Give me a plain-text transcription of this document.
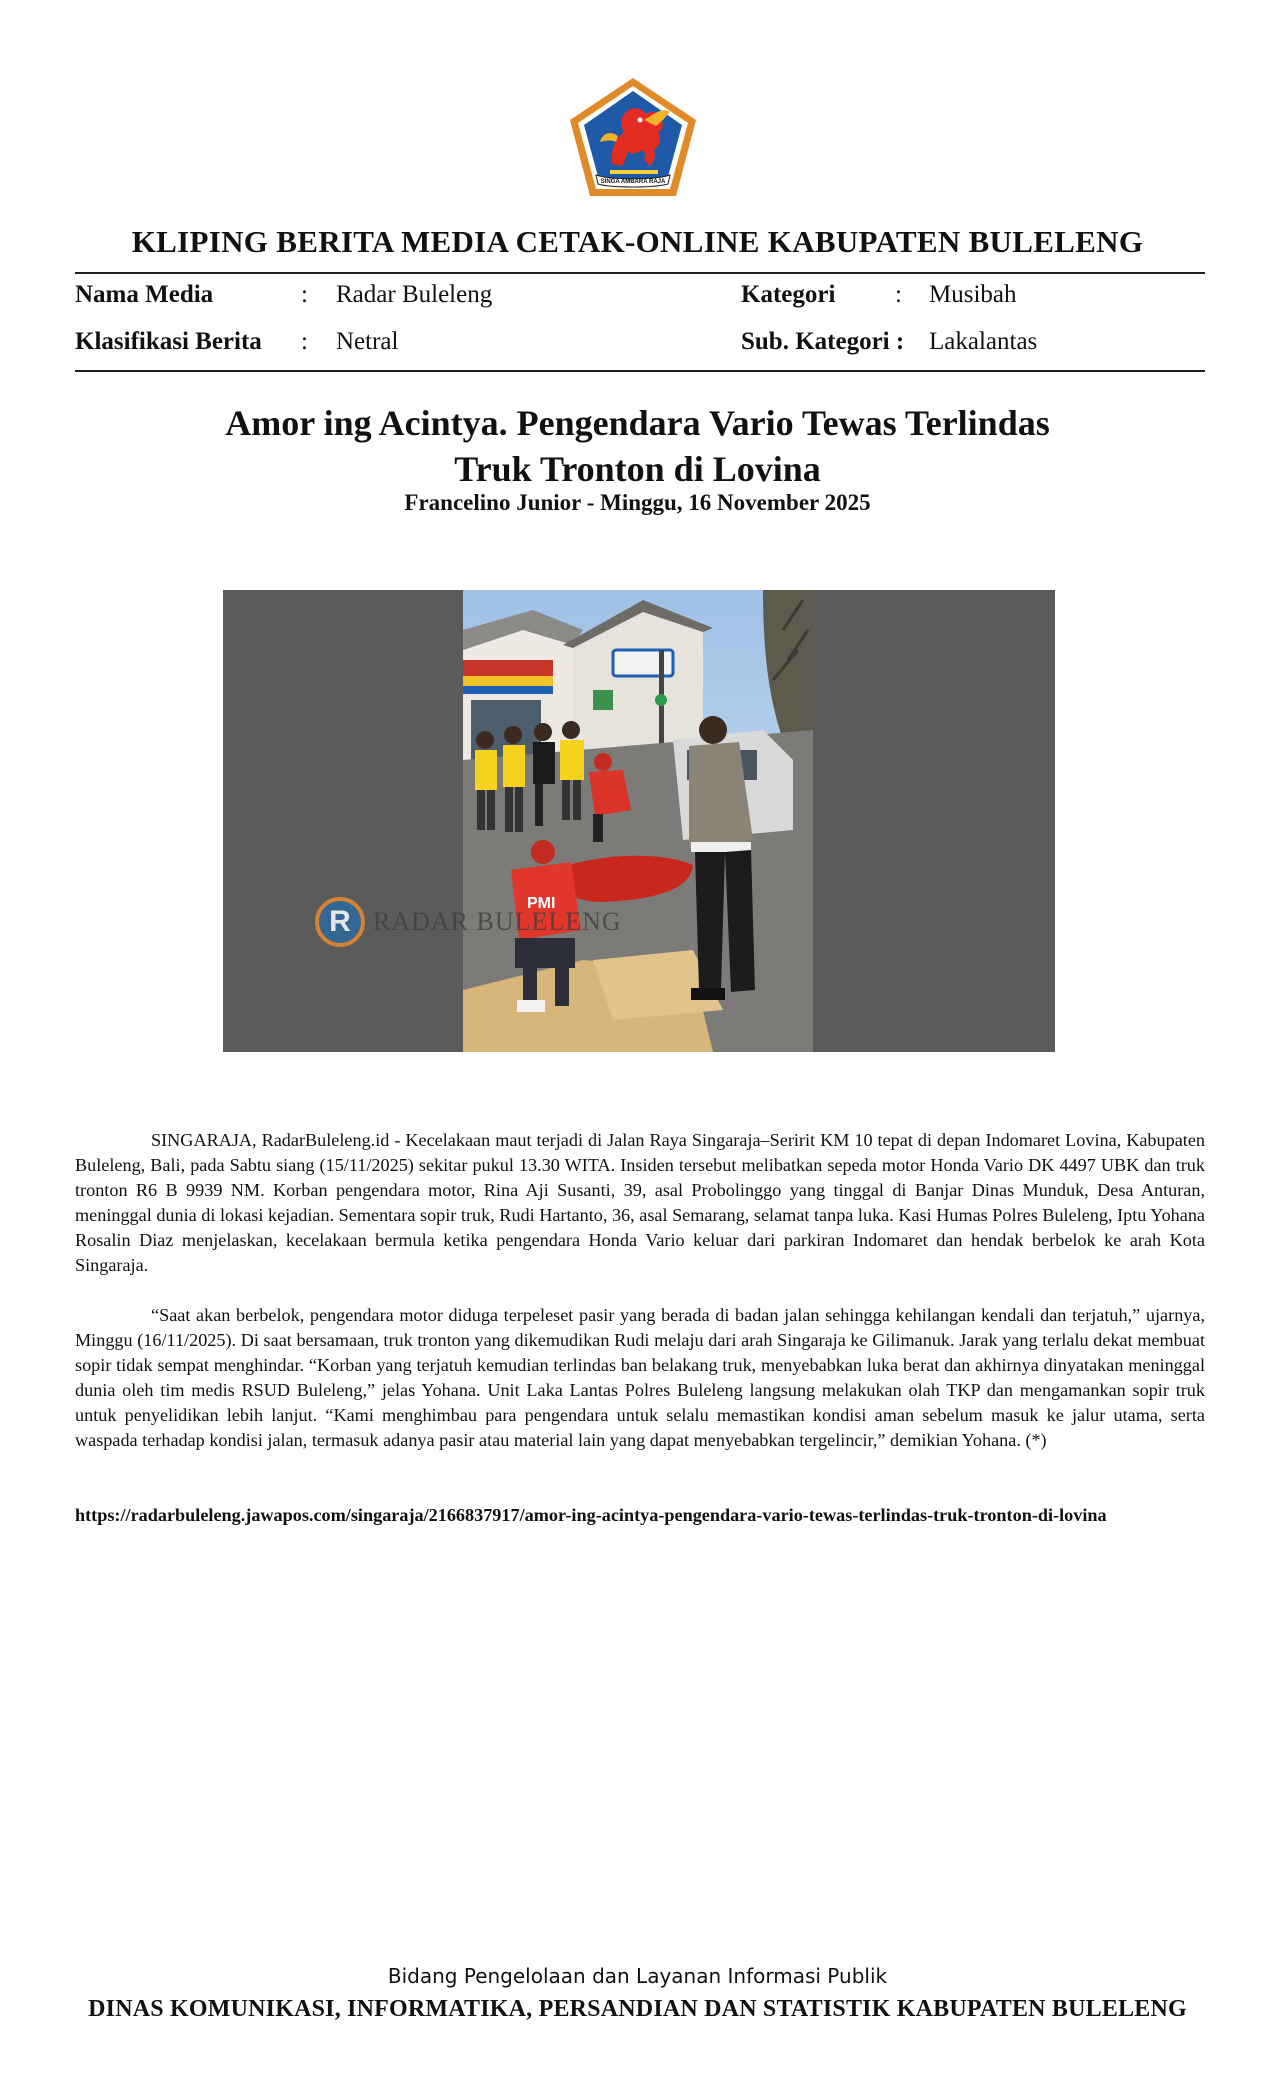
SINGA AMBARA RAJA
KLIPING BERITA MEDIA CETAK-ONLINE KABUPATEN BULELENG
Nama Media	: Radar Buleleng
Klasifikasi Berita : Netral
Kategori : Musibah
Sub. Kategori : Lakalantas
Amor ing Acintya. Pengendara Vario Tewas Terlindas
Truk Tronton di Lovina
Francelino Junior - Minggu, 16 November 2025
PMI
R RADAR BULELENG

SINGARAJA, RadarBuleleng.id - Kecelakaan maut terjadi di Jalan Raya Singaraja–Seririt KM 10 tepat di depan Indomaret Lovina, Kabupaten Buleleng, Bali, pada Sabtu siang (15/11/2025) sekitar pukul 13.30 WITA. Insiden tersebut melibatkan sepeda motor Honda Vario DK 4497 UBK dan truk tronton R6 B 9939 NM. Korban pengendara motor, Rina Aji Susanti, 39, asal Probolinggo yang tinggal di Banjar Dinas Munduk, Desa Anturan, meninggal dunia di lokasi kejadian. Sementara sopir truk, Rudi Hartanto, 36, asal Semarang, selamat tanpa luka. Kasi Humas Polres Buleleng, Iptu Yohana Rosalin Diaz menjelaskan, kecelakaan bermula ketika pengendara Honda Vario keluar dari parkiran Indomaret dan hendak berbelok ke arah Kota Singaraja.

“Saat akan berbelok, pengendara motor diduga terpeleset pasir yang berada di badan jalan sehingga kehilangan kendali dan terjatuh,” ujarnya, Minggu (16/11/2025). Di saat bersamaan, truk tronton yang dikemudikan Rudi melaju dari arah Singaraja ke Gilimanuk. Jarak yang terlalu dekat membuat sopir tidak sempat menghindar. “Korban yang terjatuh kemudian terlindas ban belakang truk, menyebabkan luka berat dan akhirnya dinyatakan meninggal dunia oleh tim medis RSUD Buleleng,” jelas Yohana. Unit Laka Lantas Polres Buleleng langsung melakukan olah TKP dan mengamankan sopir truk untuk penyelidikan lebih lanjut. “Kami menghimbau para pengendara untuk selalu memastikan kondisi aman sebelum masuk ke jalur utama, serta waspada terhadap kondisi jalan, termasuk adanya pasir atau material lain yang dapat menyebabkan tergelincir,” demikian Yohana. (*)

https://radarbuleleng.jawapos.com/singaraja/2166837917/amor-ing-acintya-pengendara-vario-tewas-terlindas-truk-tronton-di-lovina

Bidang Pengelolaan dan Layanan Informasi Publik
DINAS KOMUNIKASI, INFORMATIKA, PERSANDIAN DAN STATISTIK KABUPATEN BULELENG
